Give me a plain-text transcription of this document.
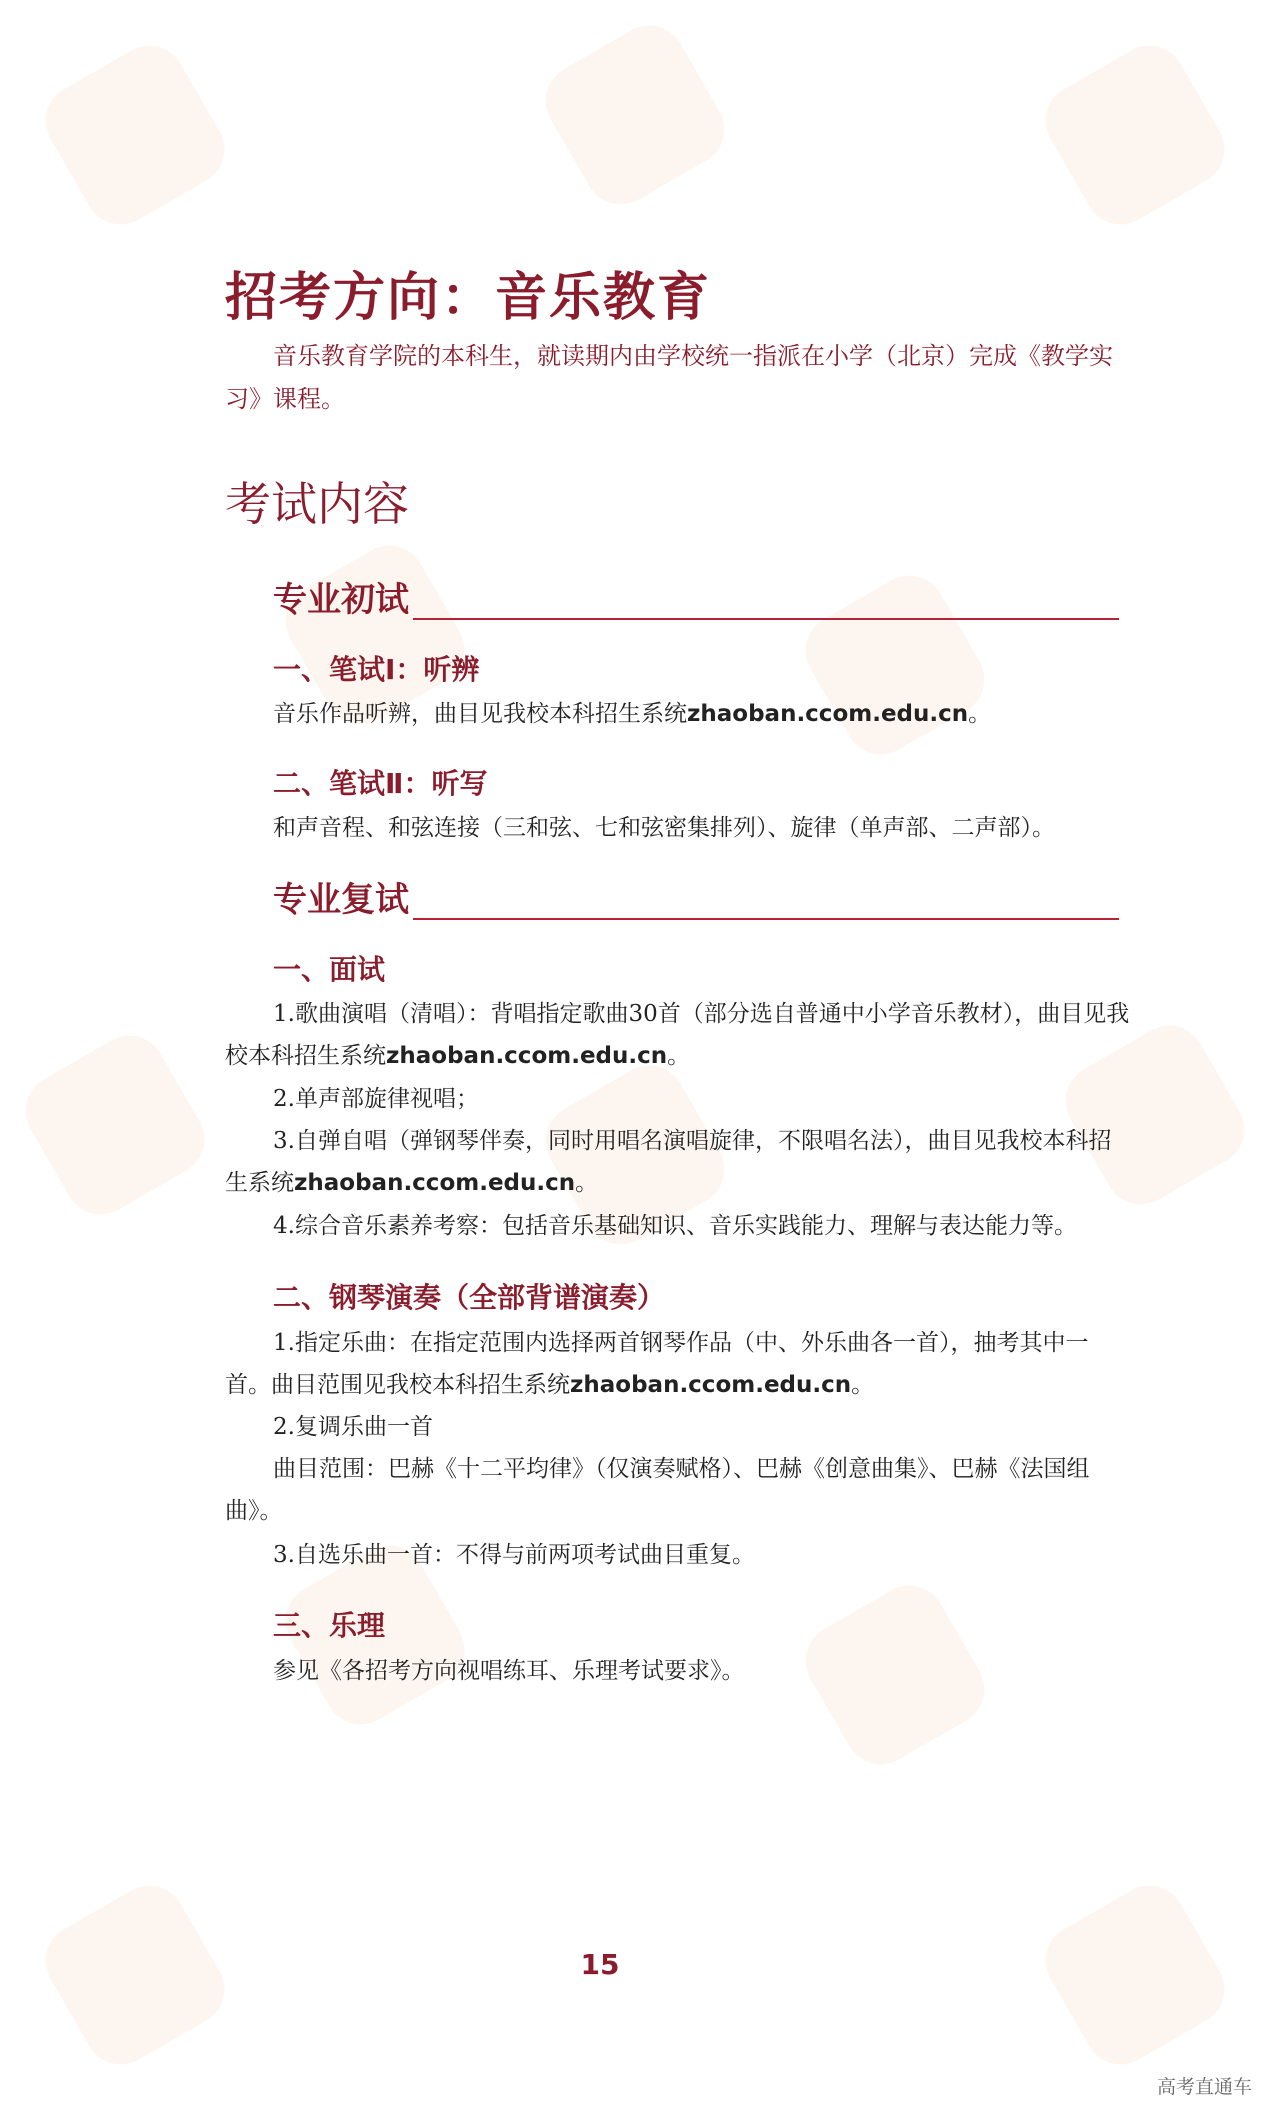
招考方向：音乐教育

音乐教育学院的本科生，就读期内由学校统一指派在小学（北京）完成《教学实习》课程。

考试内容
专业初试
一、笔试Ⅰ：听辨

音乐作品听辨，曲目见我校本科招生系统zhaoban.ccom.edu.cn。

二、笔试Ⅱ：听写

和声音程、和弦连接（三和弦、七和弦密集排列）、旋律（单声部、二声部）。

专业复试
一、面试

1.歌曲演唱（清唱）：背唱指定歌曲30首（部分选自普通中小学音乐教材），曲目见我校本科招生系统zhaoban.ccom.edu.cn。

2.单声部旋律视唱；

3.自弹自唱（弹钢琴伴奏，同时用唱名演唱旋律，不限唱名法），曲目见我校本科招生系统zhaoban.ccom.edu.cn。

4.综合音乐素养考察：包括音乐基础知识、音乐实践能力、理解与表达能力等。

二、钢琴演奏（全部背谱演奏）

1.指定乐曲：在指定范围内选择两首钢琴作品（中、外乐曲各一首），抽考其中一首。曲目范围见我校本科招生系统zhaoban.ccom.edu.cn。

2.复调乐曲一首

曲目范围：巴赫《十二平均律》（仅演奏赋格）、巴赫《创意曲集》、巴赫《法国组曲》。

3.自选乐曲一首：不得与前两项考试曲目重复。

三、乐理

参见《各招考方向视唱练耳、乐理考试要求》。

15
高考直通车
